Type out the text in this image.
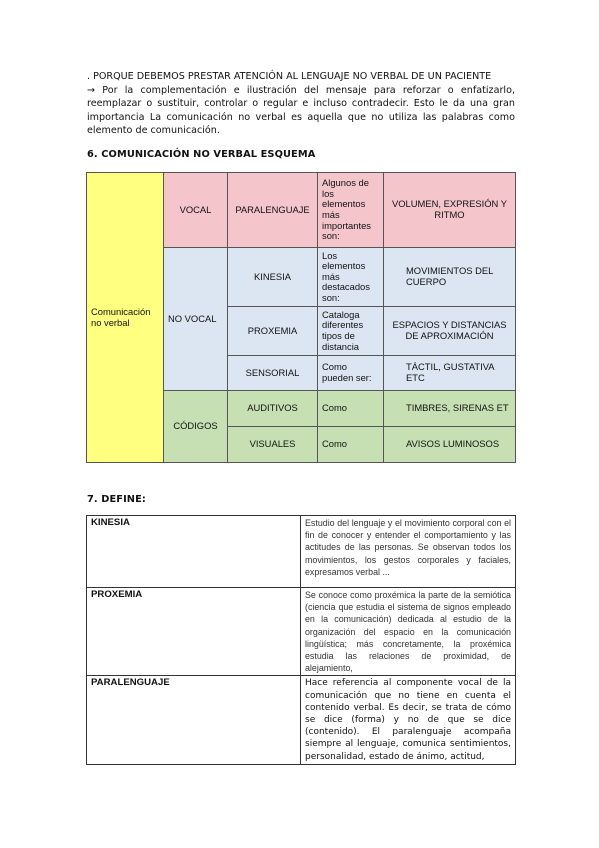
. PORQUE DEBEMOS PRESTAR ATENCIÓN AL LENGUAJE NO VERBAL DE UN PACIENTE

→ Por la complementación e ilustración del mensaje para reforzar o enfatizarlo, reemplazar o sustituir, controlar o regular e incluso contradecir. Esto le da una gran importancia La comunicación no verbal es aquella que no utiliza las palabras como elemento de comunicación.

6. COMUNICACIÓN NO VERBAL ESQUEMA
Comunicación no verbal	VOCAL	PARALENGUAJE	Algunos de los elementos más importantes son:	VOLUMEN, EXPRESIÓN Y RITMO
	NO VOCAL	KINESIA	Los elementos más destacados son:	MOVIMIENTOS DEL CUERPO
		PROXEMIA	Cataloga diferentes tipos de distancia	ESPACIOS Y DISTANCIAS DE APROXIMACIÓN
		SENSORIAL	Como pueden ser:	TÁCTIL, GUSTATIVA ETC
	CÓDIGOS	AUDITIVOS	Como	TIMBRES, SIRENAS ET
		VISUALES	Como	AVISOS LUMINOSOS
7. DEFINE:
KINESIA	Estudio del lenguaje y el movimiento corporal con el fin de conocer y entender el comportamiento y las actitudes de las personas. Se observan todos los movimientos, los gestos corporales y faciales, expresamos verbal ...
PROXEMIA	Se conoce como proxémica la parte de la semiótica (ciencia que estudia el sistema de signos empleado en la comunicación) dedicada al estudio de la organización del espacio en la comunicación lingüística; más concretamente, la proxémica estudia las relaciones de proximidad, de alejamiento,
PARALENGUAJE	Hace referencia al componente vocal de la comunicación que no tiene en cuenta el contenido verbal. Es decir, se trata de cómo se dice (forma) y no de que se dice (contenido). El paralenguaje acompaña siempre al lenguaje, comunica sentimientos, personalidad, estado de ánimo, actitud,
